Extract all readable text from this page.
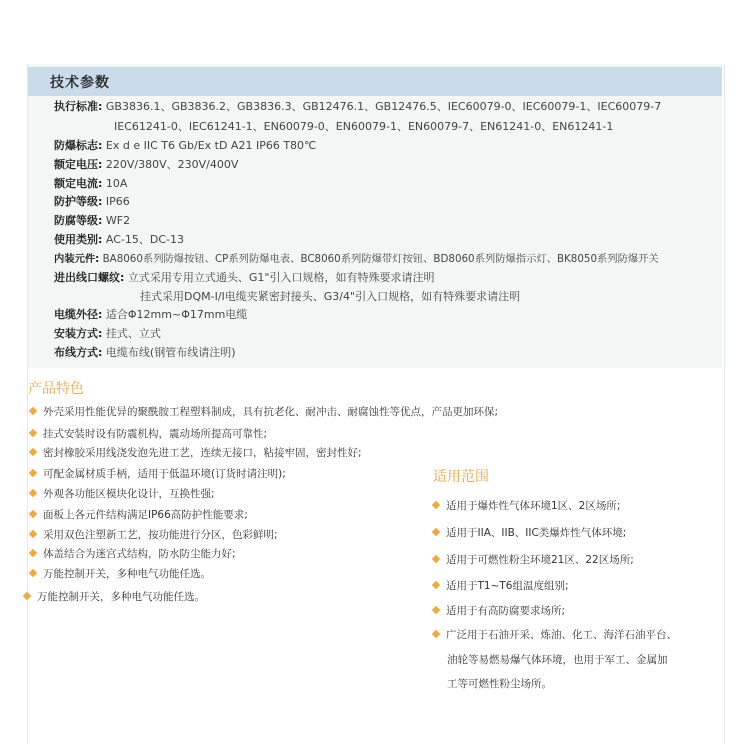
技术参数
执行标准: GB3836.1、GB3836.2、GB3836.3、GB12476.1、GB12476.5、IEC60079-0、IEC60079-1、IEC60079-7
IEC61241-0、IEC61241-1、EN60079-0、EN60079-1、EN60079-7、EN61241-0、EN61241-1
防爆标志: Ex d e IIC T6 Gb/Ex tD A21 IP66 T80℃
额定电压: 220V/380V、230V/400V
额定电流: 10A
防护等级: IP66
防腐等级: WF2
使用类别: AC-15、DC-13
内装元件: BA8060系列防爆按钮、CP系列防爆电表、BC8060系列防爆带灯按钮、BD8060系列防爆指示灯、BK8050系列防爆开关
进出线口螺纹: 立式采用专用立式通头、G1"引入口规格，如有特殊要求请注明
挂式采用DQM-I/I电缆夹紧密封接头、G3/4"引入口规格，如有特殊要求请注明
电缆外径: 适合Φ12mm~Φ17mm电缆
安装方式: 挂式、立式
布线方式: 电缆布线(钢管布线请注明)
产品特色
外壳采用性能优异的聚酰胺工程塑料制成，具有抗老化、耐冲击、耐腐蚀性等优点，产品更加环保;
挂式安装时设有防震机构，震动场所提高可靠性;
密封橡胶采用线浇发泡先进工艺，连续无接口，粘接牢固，密封性好;
可配金属材质手柄，适用于低温环境(订货时请注明);
外观各功能区模块化设计，互换性强;
面板上各元件结构满足IP66高防护性能要求;
采用双色注塑新工艺，按功能进行分区，色彩鲜明;
体盖结合为迷宫式结构，防水防尘能力好;
万能控制开关，多种电气功能任选。
万能控制开关，多种电气功能任选。
适用范围
适用于爆炸性气体环境1区、2区场所;
适用于IIA、IIB、IIC类爆炸性气体环境;
适用于可燃性粉尘环境21区、22区场所;
适用于T1~T6组温度组别;
适用于有高防腐要求场所;
广泛用于石油开采、炼油、化工、海洋石油平台、
油轮等易燃易爆气体环境，也用于军工、金属加
工等可燃性粉尘场所。
